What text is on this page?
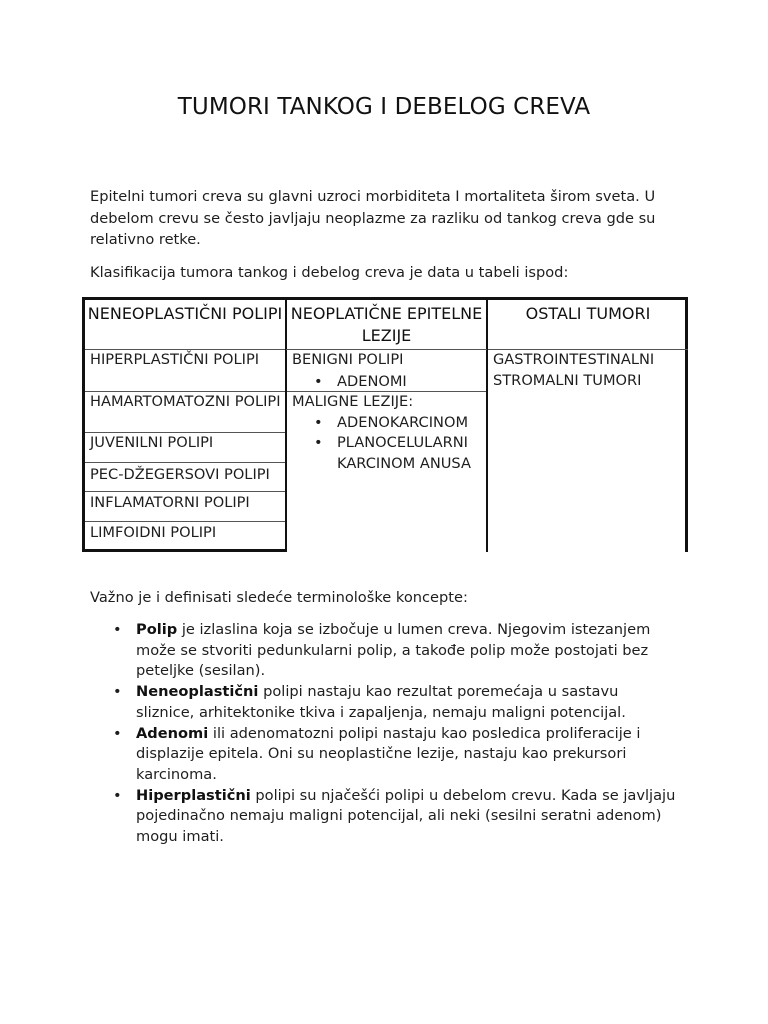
TUMORI TANKOG I DEBELOG CREVA
Epitelni tumori creva su glavni uzroci morbiditeta I mortaliteta širom sveta. U debelom crevu se često javljaju neoplazme za razliku od tankog creva gde su relativno retke.
Klasifikacija tumora tankog i debelog creva je data u tabeli ispod:
NENEOPLASTIČNI POLIPI NEOPLATIČNE EPITELNE LEZIJE
OSTALI TUMORI
HIPERPLASTIČNI POLIPI
HAMARTOMATOZNI POLIPI
JUVENILNI POLIPI
PEC-DŽEGERSOVI POLIPI
INFLAMATORNI POLIPI
LIMFOIDNI POLIPI
BENIGNI POLIPI
• ADENOMI
MALIGNE LEZIJE:
• ADENOKARCINOM
• PLANOCELULARNI KARCINOM ANUSA
GASTROINTESTINALNI STROMALNI TUMORI
Važno je i definisati sledeće terminološke koncepte:
• Polip je izlaslina koja se izbočuje u lumen creva. Njegovim istezanjem može se stvoriti pedunkularni polip, a takođe polip može postojati bez peteljke (sesilan).
• Neneoplastični polipi nastaju kao rezultat poremećaja u sastavu sliznice, arhitektonike tkiva i zapaljenja, nemaju maligni potencijal.
• Adenomi ili adenomatozni polipi nastaju kao posledica proliferacije i displazije epitela. Oni su neoplastične lezije, nastaju kao prekursori karcinoma.
• Hiperplastični polipi su njačešći polipi u debelom crevu. Kada se javljaju pojedinačno nemaju maligni potencijal, ali neki (sesilni seratni adenom) mogu imati.
